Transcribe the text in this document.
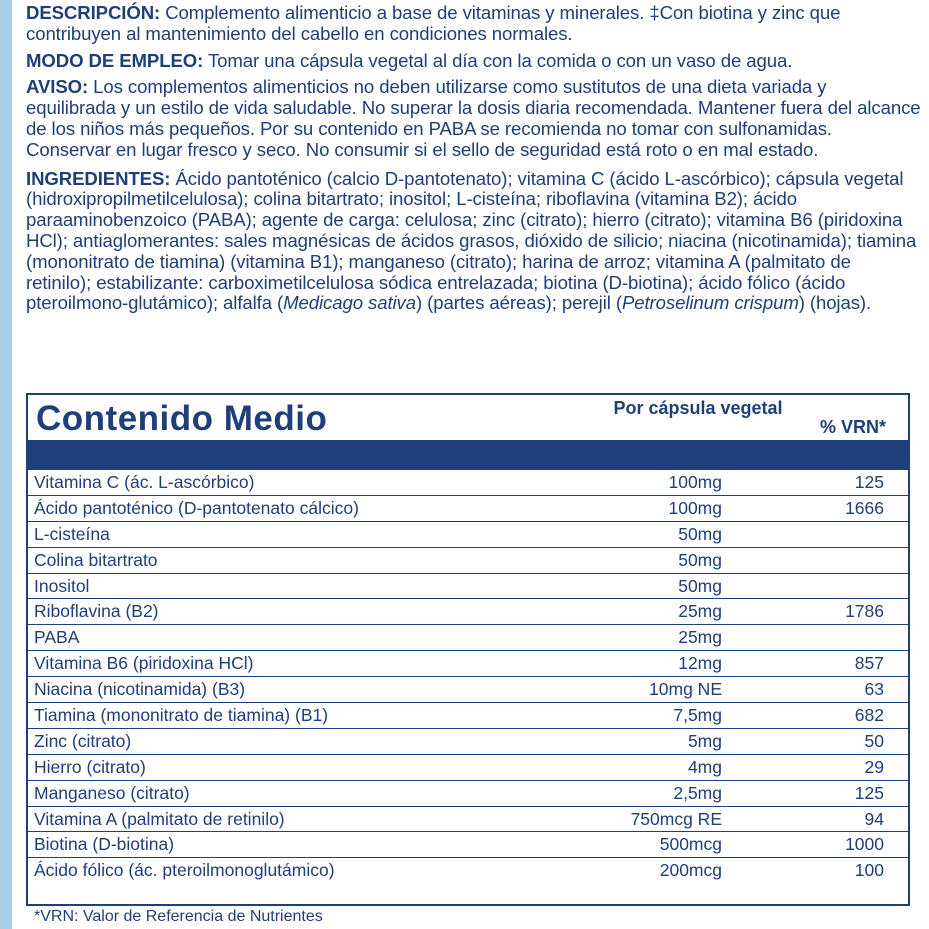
DESCRIPCIÓN: Complemento alimenticio a base de vitaminas y minerales. ‡Con biotina y zinc que contribuyen al mantenimiento del cabello en condiciones normales.

MODO DE EMPLEO: Tomar una cápsula vegetal al día con la comida o con un vaso de agua.

AVISO: Los complementos alimenticios no deben utilizarse como sustitutos de una dieta variada y equilibrada y un estilo de vida saludable. No superar la dosis diaria recomendada. Mantener fuera del alcance de los niños más pequeños. Por su contenido en PABA se recomienda no tomar con sulfonamidas. Conservar en lugar fresco y seco. No consumir si el sello de seguridad está roto o en mal estado.

INGREDIENTES: Ácido pantoténico (calcio D-pantotenato); vitamina C (ácido L-ascórbico); cápsula vegetal (hidroxipropilmetilcelulosa); colina bitartrato; inositol; L-cisteína; riboflavina (vitamina B2); ácido paraaminobenzoico (PABA); agente de carga: celulosa; zinc (citrato); hierro (citrato); vitamina B6 (piridoxina HCl); antiaglomerantes: sales magnésicas de ácidos grasos, dióxido de silicio; niacina (nicotinamida); tiamina (mononitrato de tiamina) (vitamina B1); manganeso (citrato); harina de arroz; vitamina A (palmitato de retinilo); estabilizante: carboximetilcelulosa sódica entrelazada; biotina (D-biotina); ácido fólico (ácido pteroilmono-glutámico); alfalfa (Medicago sativa) (partes aéreas); perejil (Petroselinum crispum) (hojas).

Contenido Medio	Por cápsula vegetal
% VRN*
Vitamina C (ác. L-ascórbico)	100mg	125
Ácido pantoténico (D-pantotenato cálcico)	100mg	1666
L-cisteína	50mg
Colina bitartrato	50mg
Inositol	50mg
Riboflavina (B2)	25mg	1786
PABA	25mg
Vitamina B6 (piridoxina HCl)	12mg	857
Niacina (nicotinamida) (B3)	10mg NE	63
Tiamina (mononitrato de tiamina) (B1)	7,5mg	682
Zinc (citrato)	5mg	50
Hierro (citrato)	4mg	29
Manganeso (citrato)	2,5mg	125
Vitamina A (palmitato de retinilo)	750mcg RE	94
Biotina (D-biotina)	500mcg	1000
Ácido fólico (ác. pteroilmonoglutámico)	200mcg	100
*VRN: Valor de Referencia de Nutrientes
